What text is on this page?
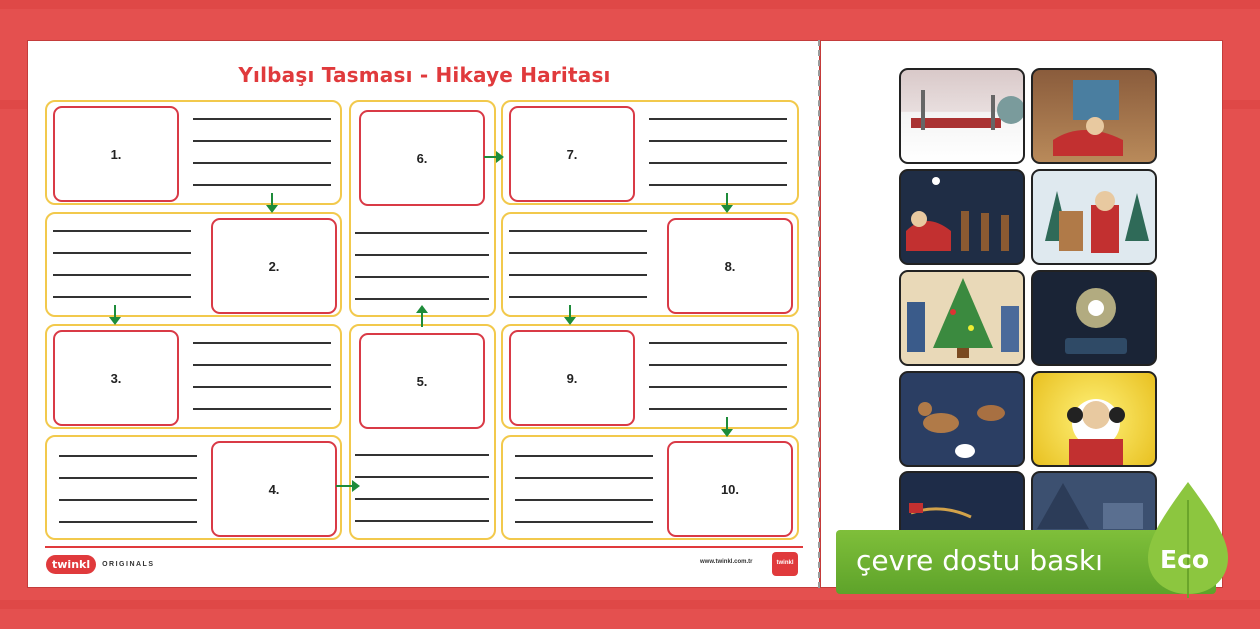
Yılbaşı Tasması - Hikaye Haritası
1.
2.
3.
4.
6.
5.
7.
8.
9.
10.
twinkl	ORIGINALS	www.twinkl.com.tr	twinkl çevre dostu baskı Eco
